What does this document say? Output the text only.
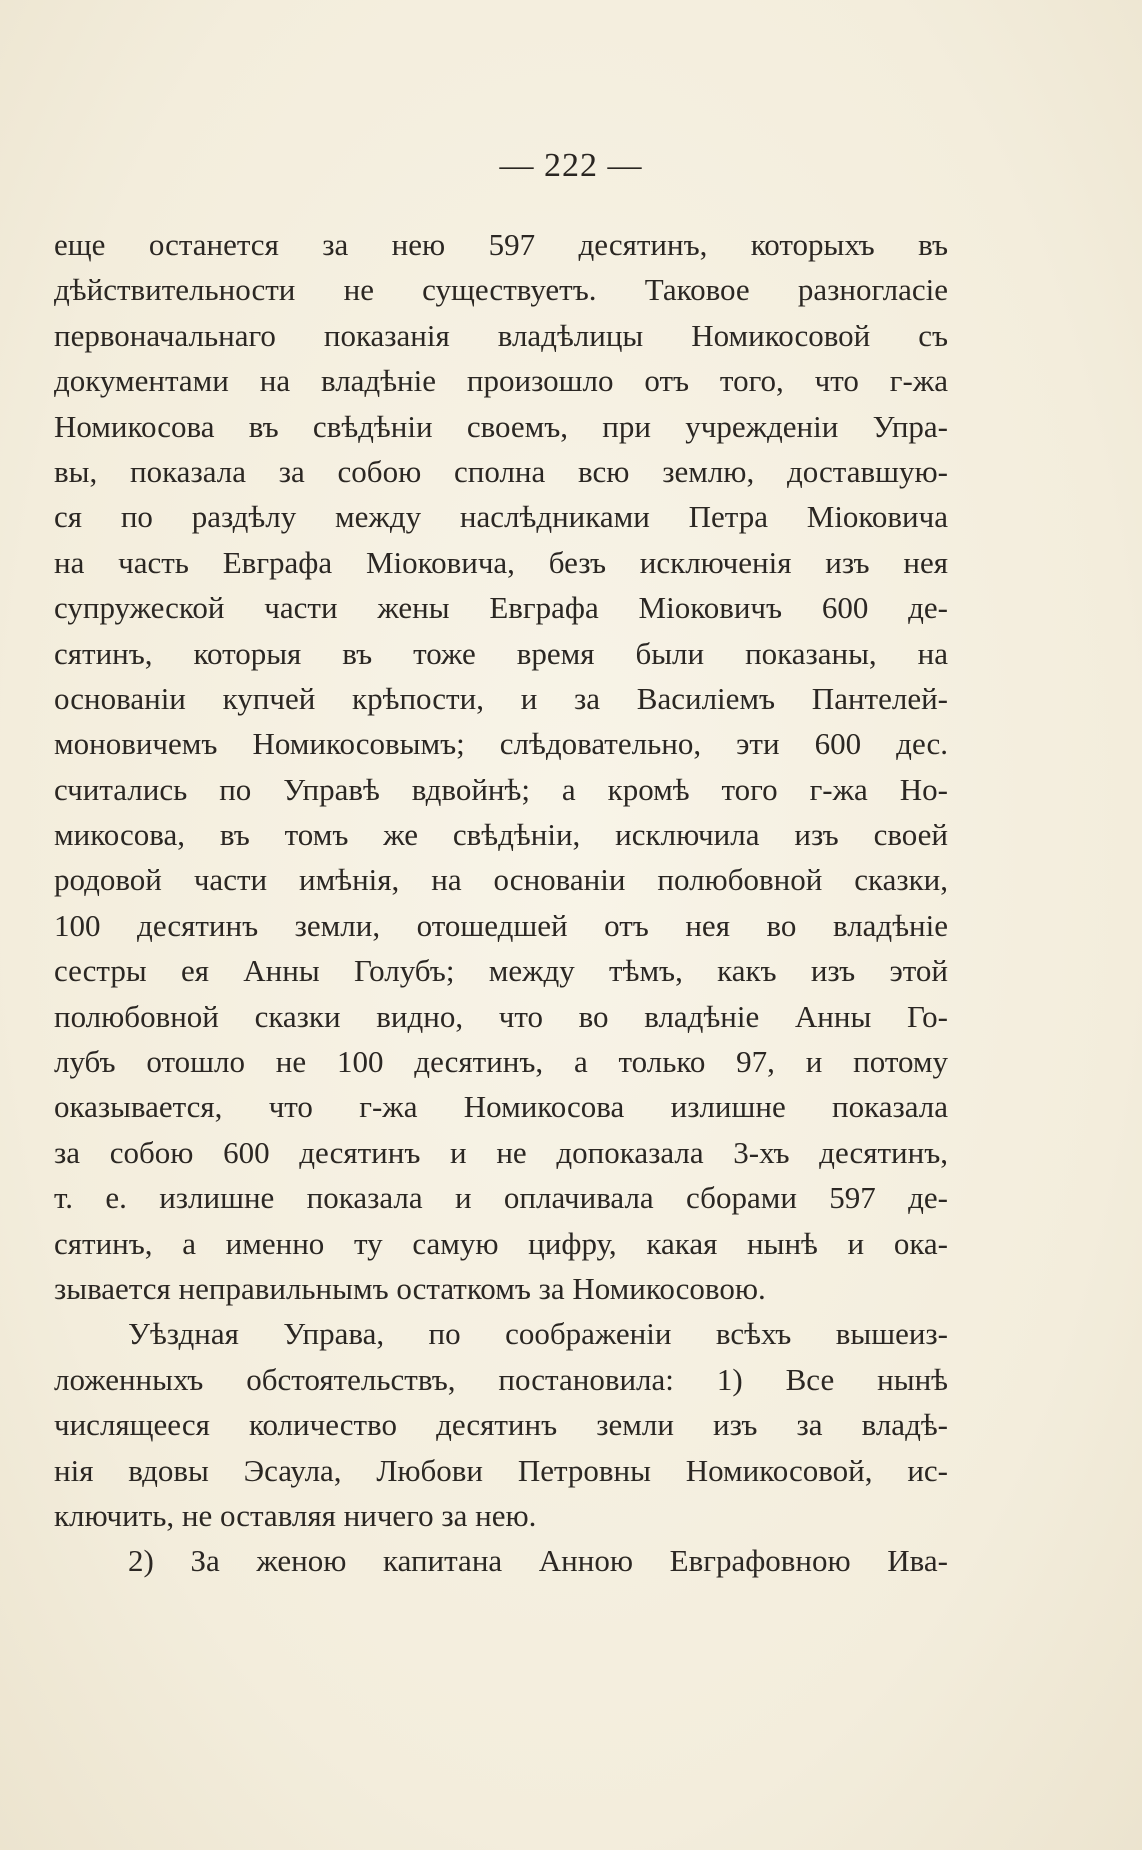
— 222 —
еще останется за нею 597 десятинъ, которыхъ въ
дѣйствительности не существуетъ. Таковое разногласіе
первоначальнаго показанія владѣлицы Номикосовой съ
документами на владѣніе произошло отъ того, что г-жа
Номикосова въ свѣдѣніи своемъ, при учрежденіи Упра-
вы, показала за собою сполна всю землю, доставшую-
ся по раздѣлу между наслѣдниками Петра Міоковича
на часть Евграфа Міоковича, безъ исключенія изъ нея
супружеской части жены Евграфа Міоковичъ 600 де-
сятинъ, которыя въ тоже время были показаны, на
основаніи купчей крѣпости, и за Василіемъ Пантелей-
моновичемъ Номикосовымъ; слѣдовательно, эти 600 дес.
считались по Управѣ вдвойнѣ; а кромѣ того г-жа Но-
микосова, въ томъ же свѣдѣніи, исключила изъ своей
родовой части имѣнія, на основаніи полюбовной сказки,
100 десятинъ земли, отошедшей отъ нея во владѣніе
сестры ея Анны Голубъ; между тѣмъ, какъ изъ этой
полюбовной сказки видно, что во владѣніе Анны Го-
лубъ отошло не 100 десятинъ, а только 97, и потому
оказывается, что г-жа Номикосова излишне показала
за собою 600 десятинъ и не допоказала 3-хъ десятинъ,
т. е. излишне показала и оплачивала сборами 597 де-
сятинъ, а именно ту самую цифру, какая нынѣ и ока-
зывается неправильнымъ остаткомъ за Номикосовою.
Уѣздная Управа, по соображеніи всѣхъ вышеиз-
ложенныхъ обстоятельствъ, постановила: 1) Все нынѣ
числящееся количество десятинъ земли изъ за владѣ-
нія вдовы Эсаула, Любови Петровны Номикосовой, ис-
ключить, не оставляя ничего за нею.
2) За женою капитана Анною Евграфовною Ива-
